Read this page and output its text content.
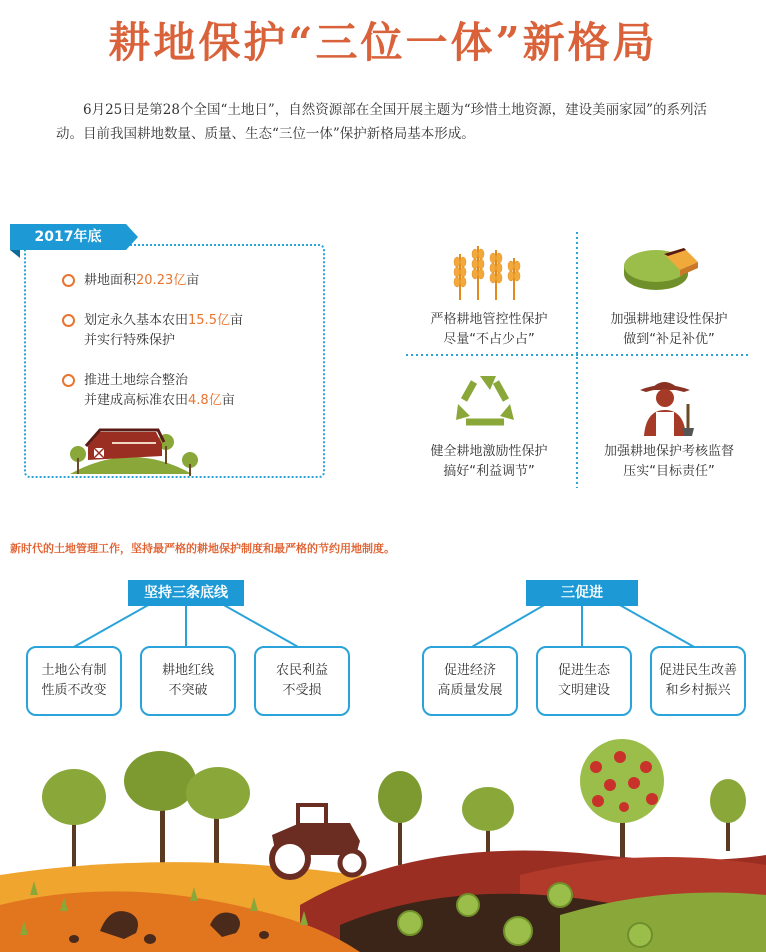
耕地保护“三位一体”新格局
6月25日是第28个全国“土地日”，自然资源部在全国开展主题为“珍惜土地资源，建设美丽家园”的系列活动。目前我国耕地数量、质量、生态“三位一体”保护新格局基本形成。
2017年底
耕地面积20.23亿亩
划定永久基本农田15.5亿亩
并实行特殊保护
推进土地综合整治
并建成高标准农田4.8亿亩
严格耕地管控性保护
尽量“不占少占”
加强耕地建设性保护
做到“补足补优”
健全耕地激励性保护
搞好“利益调节”
加强耕地保护考核监督
压实“目标责任”
新时代的土地管理工作，坚持最严格的耕地保护制度和最严格的节约用地制度。
坚持三条底线	三促进
土地公有制
性质不改变
耕地红线
不突破
农民利益
不受损
促进经济
高质量发展
促进生态
文明建设
促进民生改善
和乡村振兴
